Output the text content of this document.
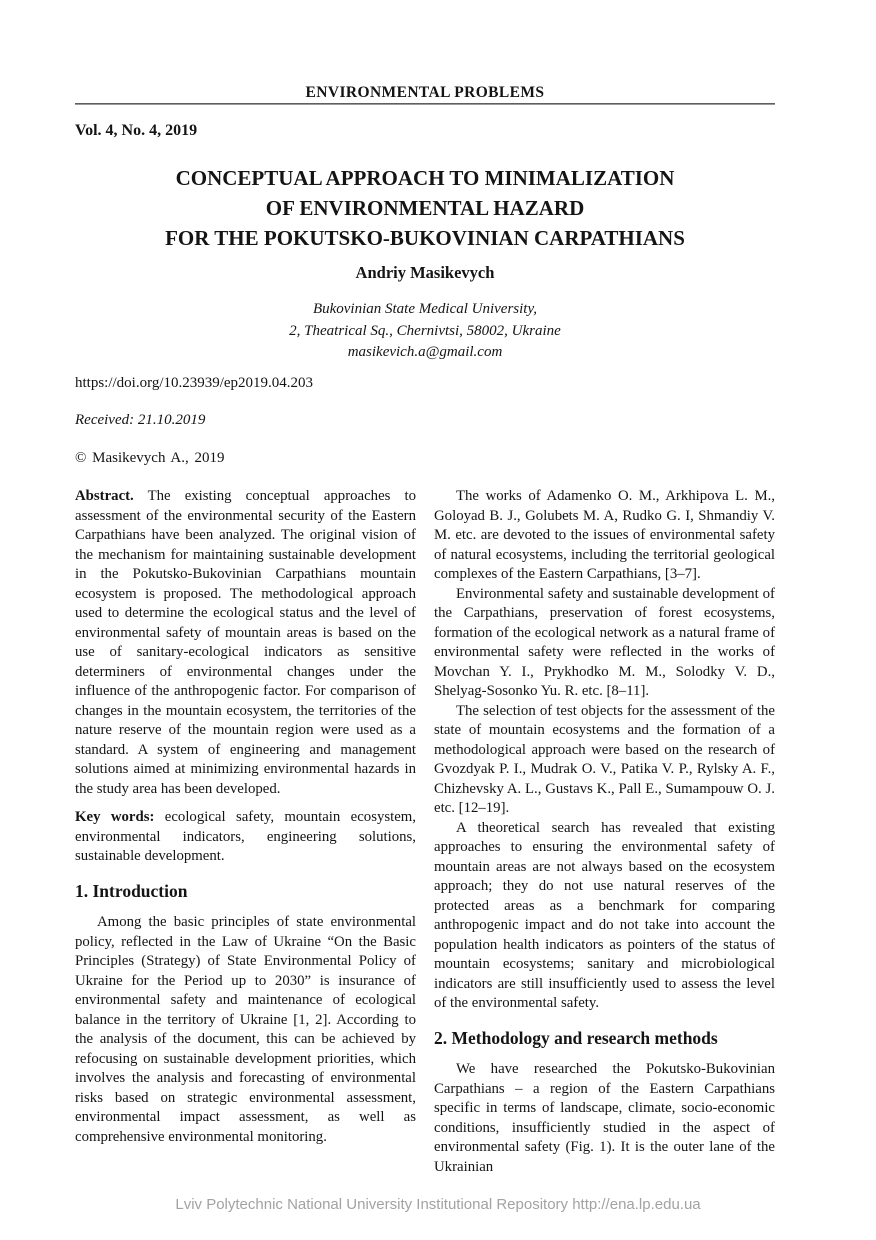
ENVIRONMENTAL PROBLEMS
Vol. 4, No. 4, 2019
CONCEPTUAL APPROACH TO MINIMALIZATION
OF ENVIRONMENTAL HAZARD
FOR THE POKUTSKO-BUKOVINIAN CARPATHIANS
Andriy Masikevych
Bukovinian State Medical University,
2, Theatrical Sq., Chernivtsi, 58002, Ukraine
masikevich.a@gmail.com
https://doi.org/10.23939/ep2019.04.203
Received: 21.10.2019
© Masikevych A., 2019

Abstract. The existing conceptual approaches to assessment of the environmental security of the Eastern Carpathians have been analyzed. The original vision of the mechanism for maintaining sustainable development in the Pokutsko-Bukovinian Carpathians mountain ecosystem is proposed. The methodological approach used to determine the ecological status and the level of environmental safety of mountain areas is based on the use of sanitary-ecological indicators as sensitive determiners of environmental changes under the influence of the anthropogenic factor. For comparison of changes in the mountain ecosystem, the territories of the nature reserve of the mountain region were used as a standard. A system of engineering and management solutions aimed at minimizing environmental hazards in the study area has been developed.

Key words: ecological safety, mountain ecosystem, environmental indicators, engineering solutions, sustainable development.

1. Introduction

Among the basic principles of state environmental policy, reflected in the Law of Ukraine “On the Basic Principles (Strategy) of State Environmental Policy of Ukraine for the Period up to 2030” is insurance of environmental safety and maintenance of ecological balance in the territory of Ukraine [1, 2]. According to the analysis of the document, this can be achieved by refocusing on sustainable development priorities, which involves the analysis and forecasting of environmental risks based on strategic environmental assessment, environmental impact assessment, as well as comprehensive environmental monitoring.

The works of Adamenko O. M., Arkhipova L. M., Goloyad B. J., Golubets M. A, Rudko G. I, Shmandiy V. M. etc. are devoted to the issues of environmental safety of natural ecosystems, including the territorial geological complexes of the Eastern Carpathians, [3–7].

Environmental safety and sustainable development of the Carpathians, preservation of forest ecosystems, formation of the ecological network as a natural frame of environmental safety were reflected in the works of Movchan Y. I., Prykhodko M. M., Solodky V. D., Shelyag-Sosonko Yu. R. etc. [8–11].

The selection of test objects for the assessment of the state of mountain ecosystems and the formation of a methodological approach were based on the research of Gvozdyak P. I., Mudrak O. V., Patika V. P., Rylsky A. F., Chizhevsky A. L., Gustavs K., Pall E., Sumampouw O. J. etc. [12–19].

A theoretical search has revealed that existing approaches to ensuring the environmental safety of mountain areas are not always based on the ecosystem approach; they do not use natural reserves of the protected areas as a benchmark for comparing anthropogenic impact and do not take into account the population health indicators as pointers of the status of mountain ecosystems; sanitary and microbiological indicators are still insufficiently used to assess the level of the environmental safety.

2. Methodology and research methods

We have researched the Pokutsko-Bukovinian Carpathians – a region of the Eastern Carpathians specific in terms of landscape, climate, socio-economic conditions, insufficiently studied in the aspect of environmental safety (Fig. 1). It is the outer lane of the Ukrainian

Lviv Polytechnic National University Institutional Repository http://ena.lp.edu.ua
